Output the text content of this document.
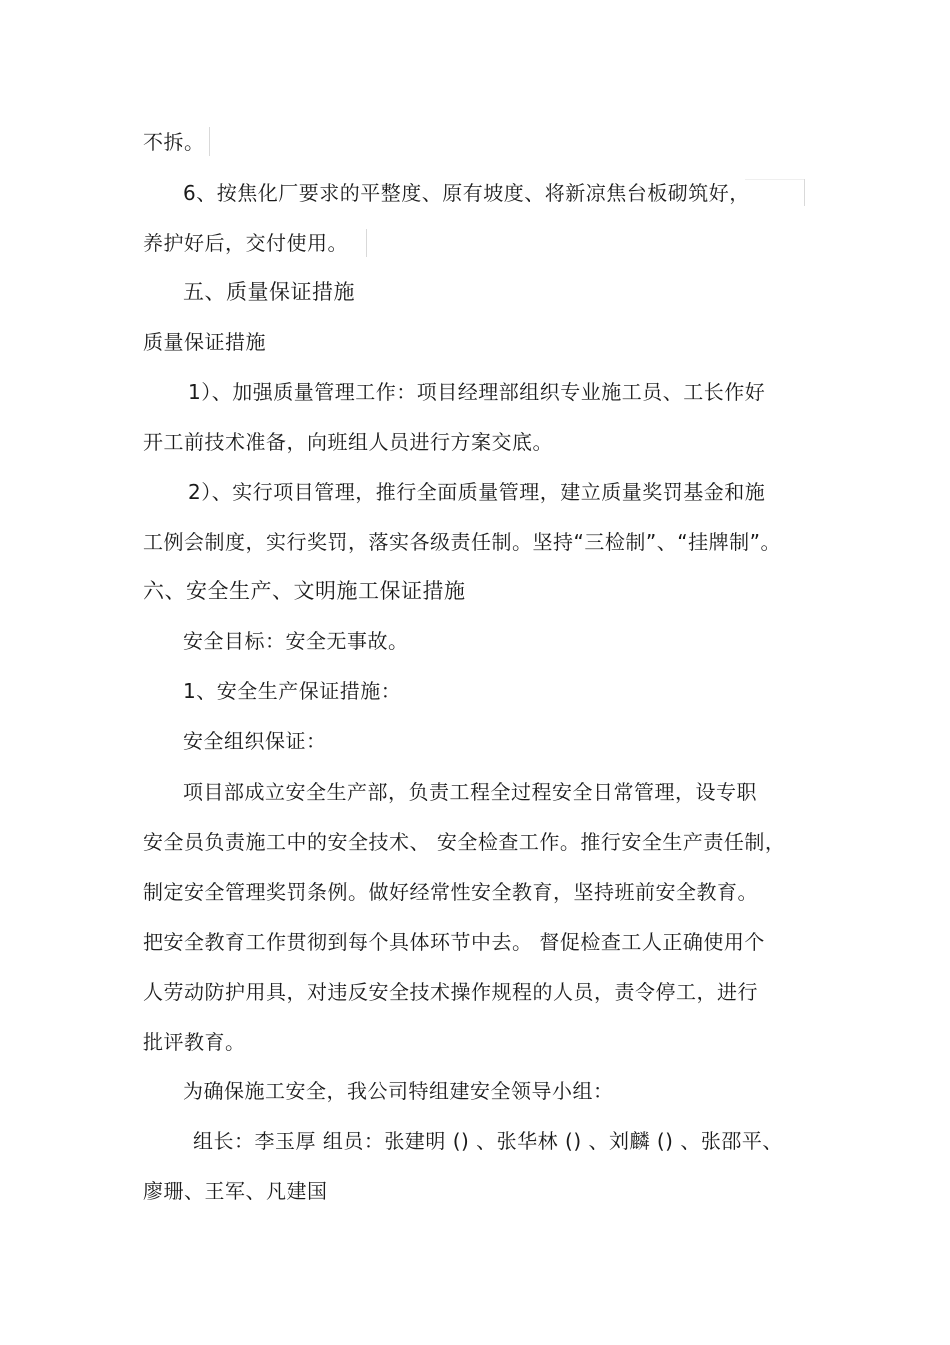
不拆。
6、按焦化厂要求的平整度、原有坡度、将新凉焦台板砌筑好，
养护好后，交付使用。
五、质量保证措施
质量保证措施
1）、加强质量管理工作：项目经理部组织专业施工员、工长作好
开工前技术准备，向班组人员进行方案交底。
2）、实行项目管理，推行全面质量管理，建立质量奖罚基金和施
工例会制度，实行奖罚，落实各级责任制。坚持“三检制”、“挂牌制”。
六、安全生产、文明施工保证措施
安全目标：安全无事故。
1、安全生产保证措施：
安全组织保证：
项目部成立安全生产部，负责工程全过程安全日常管理，设专职
安全员负责施工中的安全技术、 安全检查工作。推行安全生产责任制，
制定安全管理奖罚条例。做好经常性安全教育，坚持班前安全教育。
把安全教育工作贯彻到每个具体环节中去。 督促检查工人正确使用个
人劳动防护用具，对违反安全技术操作规程的人员，责令停工，进行
批评教育。
为确保施工安全，我公司特组建安全领导小组：
组长：李玉厚 组员：张建明 () 、张华林 () 、刘麟 () 、张邵平、
廖珊、王军、凡建国
